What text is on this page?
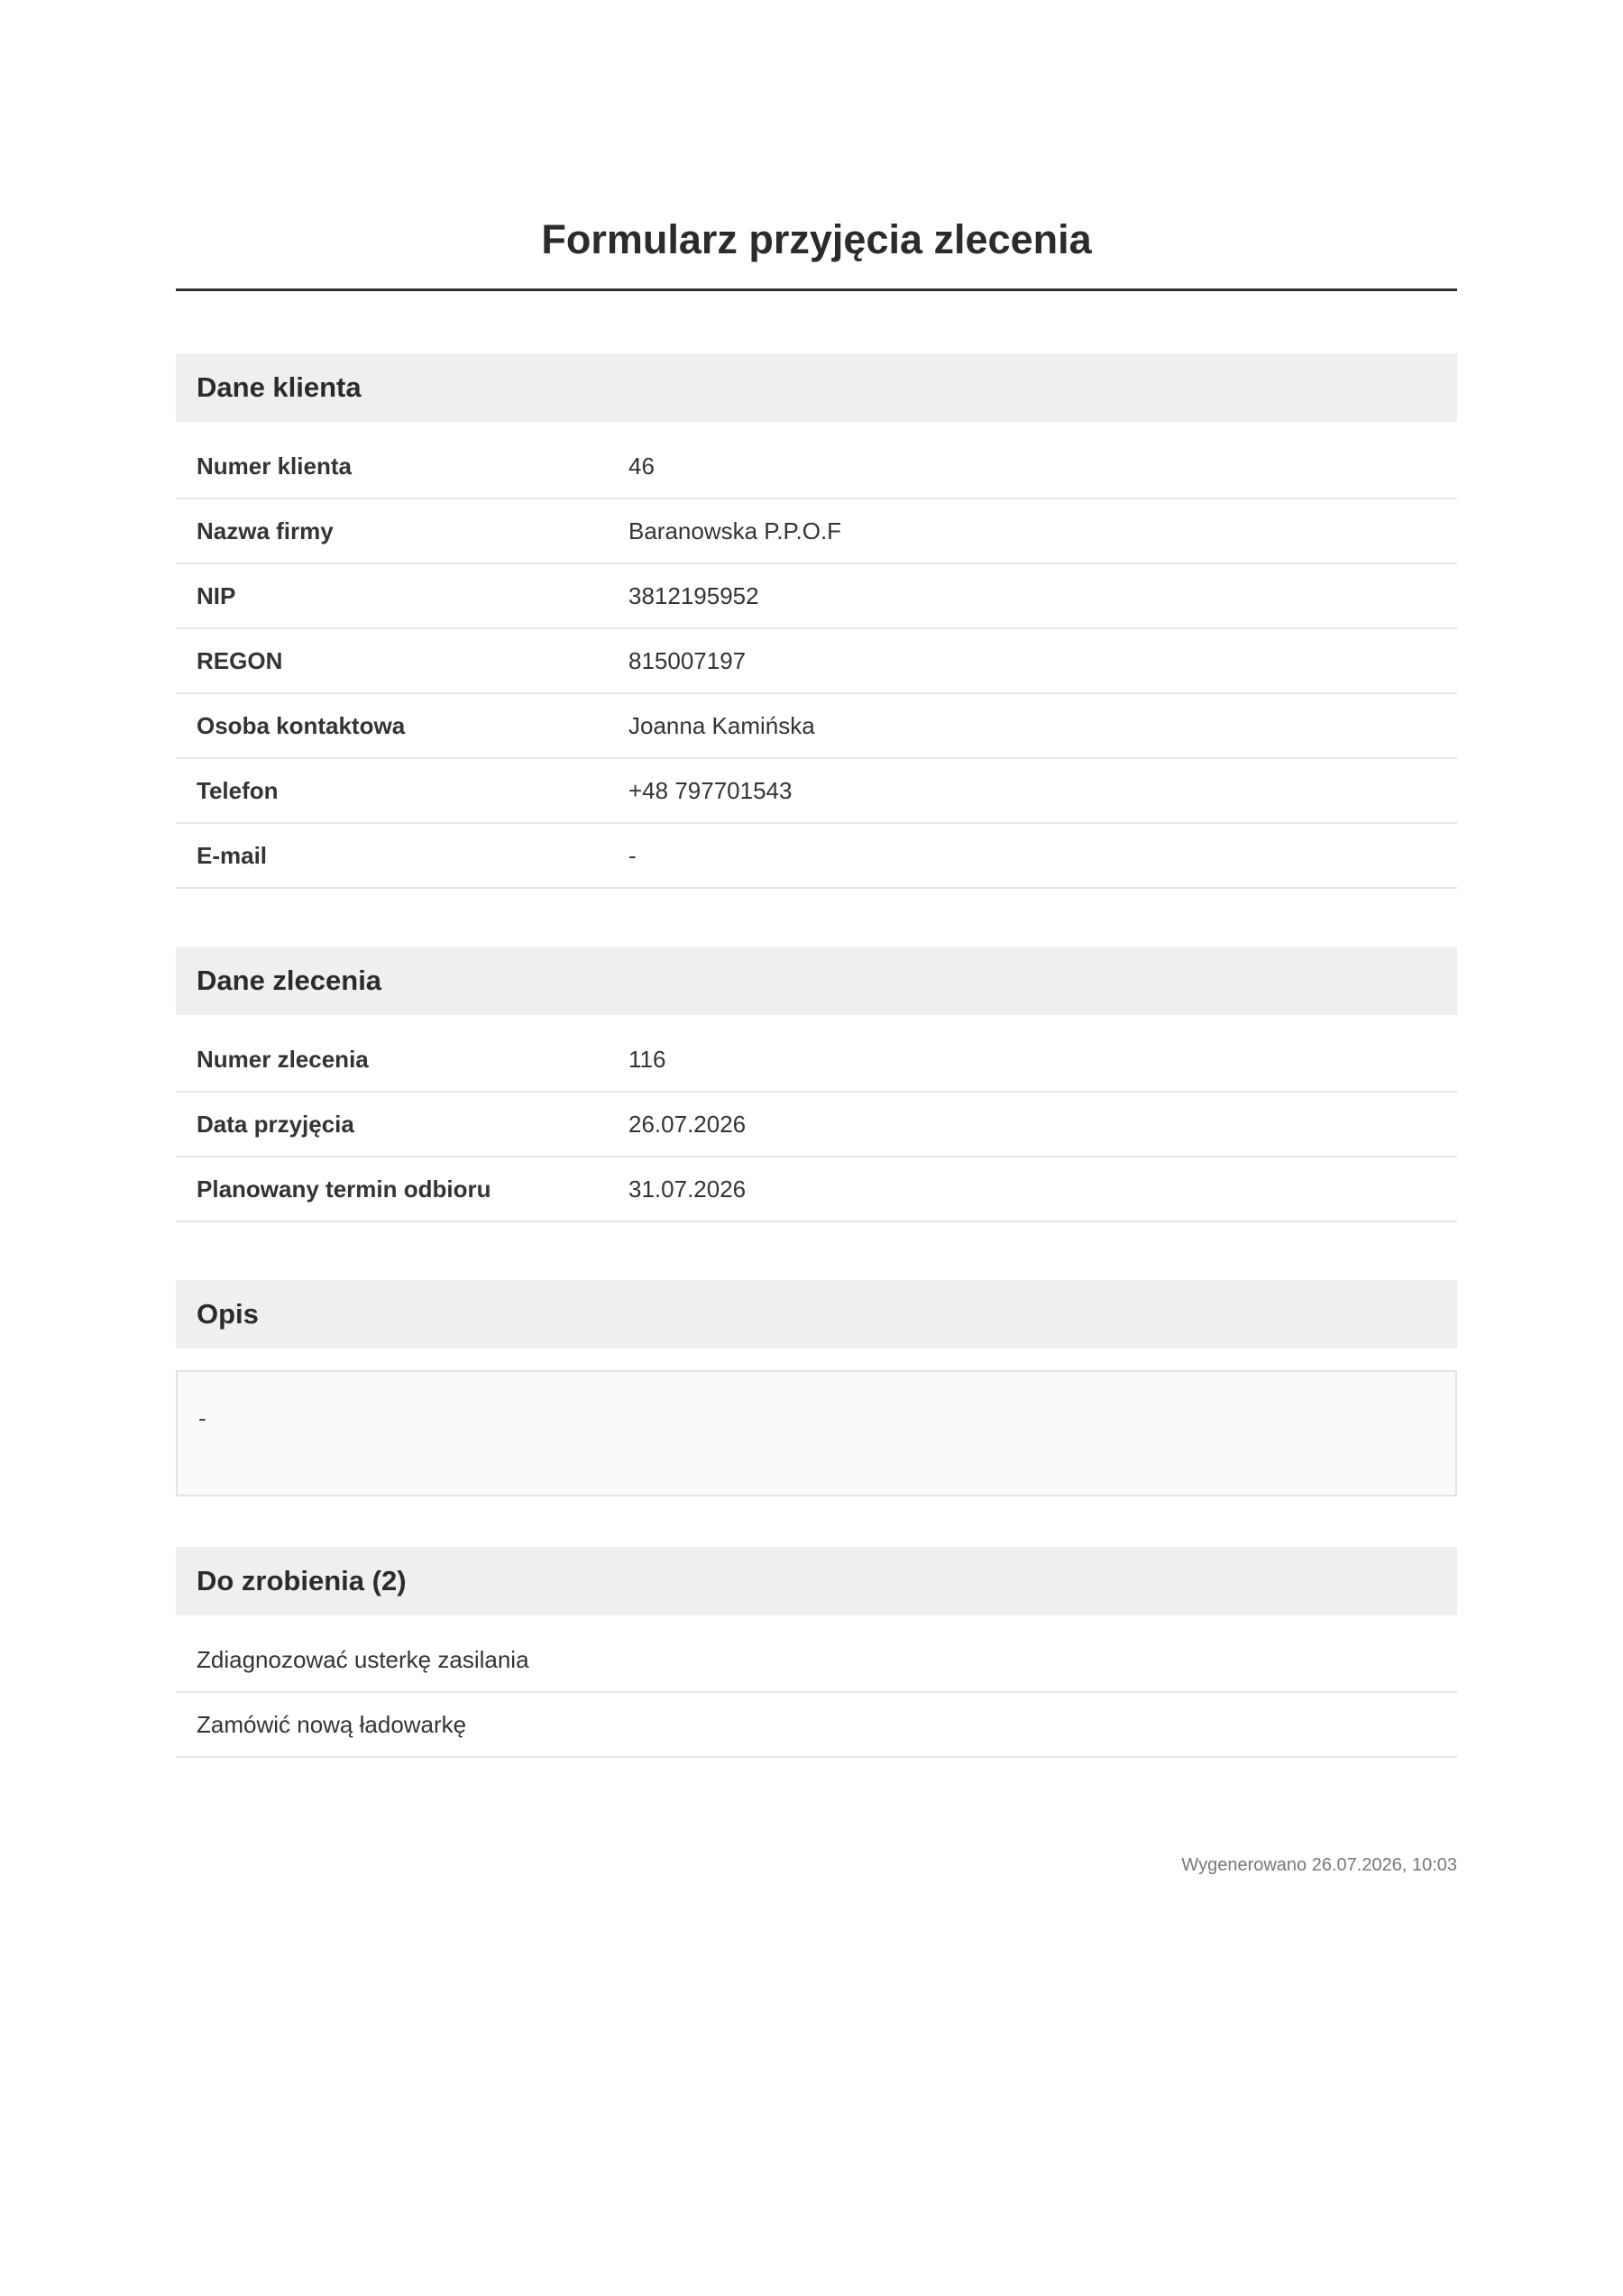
Formularz przyjęcia zlecenia
Dane klienta
Numer klienta	46
Nazwa firmy	Baranowska P.P.O.F
NIP	3812195952
REGON	815007197
Osoba kontaktowa	Joanna Kamińska
Telefon	+48 797701543
E-mail	-
Dane zlecenia
Numer zlecenia	116
Data przyjęcia	26.07.2026
Planowany termin odbioru	31.07.2026
Opis
-
Do zrobienia (2)
Zdiagnozować usterkę zasilania
Zamówić nową ładowarkę
Wygenerowano 26.07.2026, 10:03
